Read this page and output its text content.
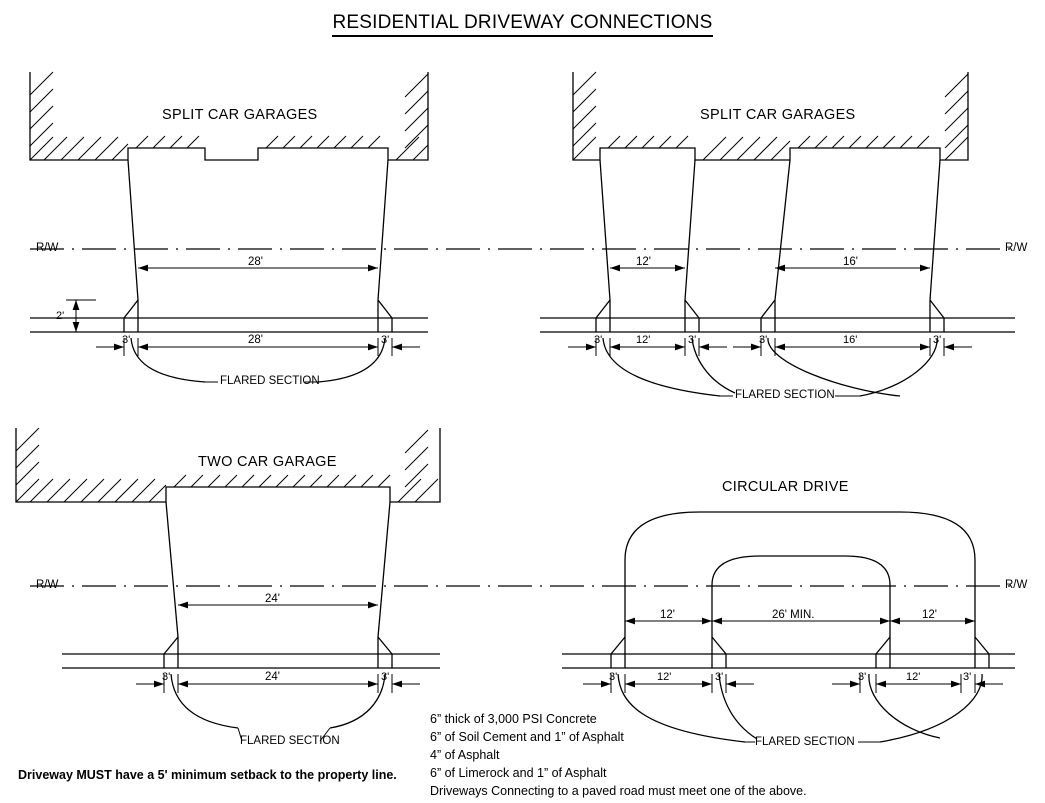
RESIDENTIAL DRIVEWAY CONNECTIONS
SPLIT CAR GARAGES
R/W
28'
28'
3'	3'
2'
FLARED SECTION
SPLIT CAR GARAGES
R/W
12'	16'
3'	12'	3'	3'	16'	3'
FLARED SECTION
TWO CAR GARAGE
R/W
24'
24'
3'	3'
FLARED SECTION
CIRCULAR DRIVE
R/W
12'	26' MIN.	12'
3'	12'	3'	3'	12'	3'
FLARED SECTION
6” thick of 3,000 PSI Concrete
6” of Soil Cement and 1” of Asphalt
4” of Asphalt
6” of Limerock and 1” of Asphalt
Driveways Connecting to a paved road must meet one of the above.
Driveway MUST have a 5' minimum setback to the property line.
